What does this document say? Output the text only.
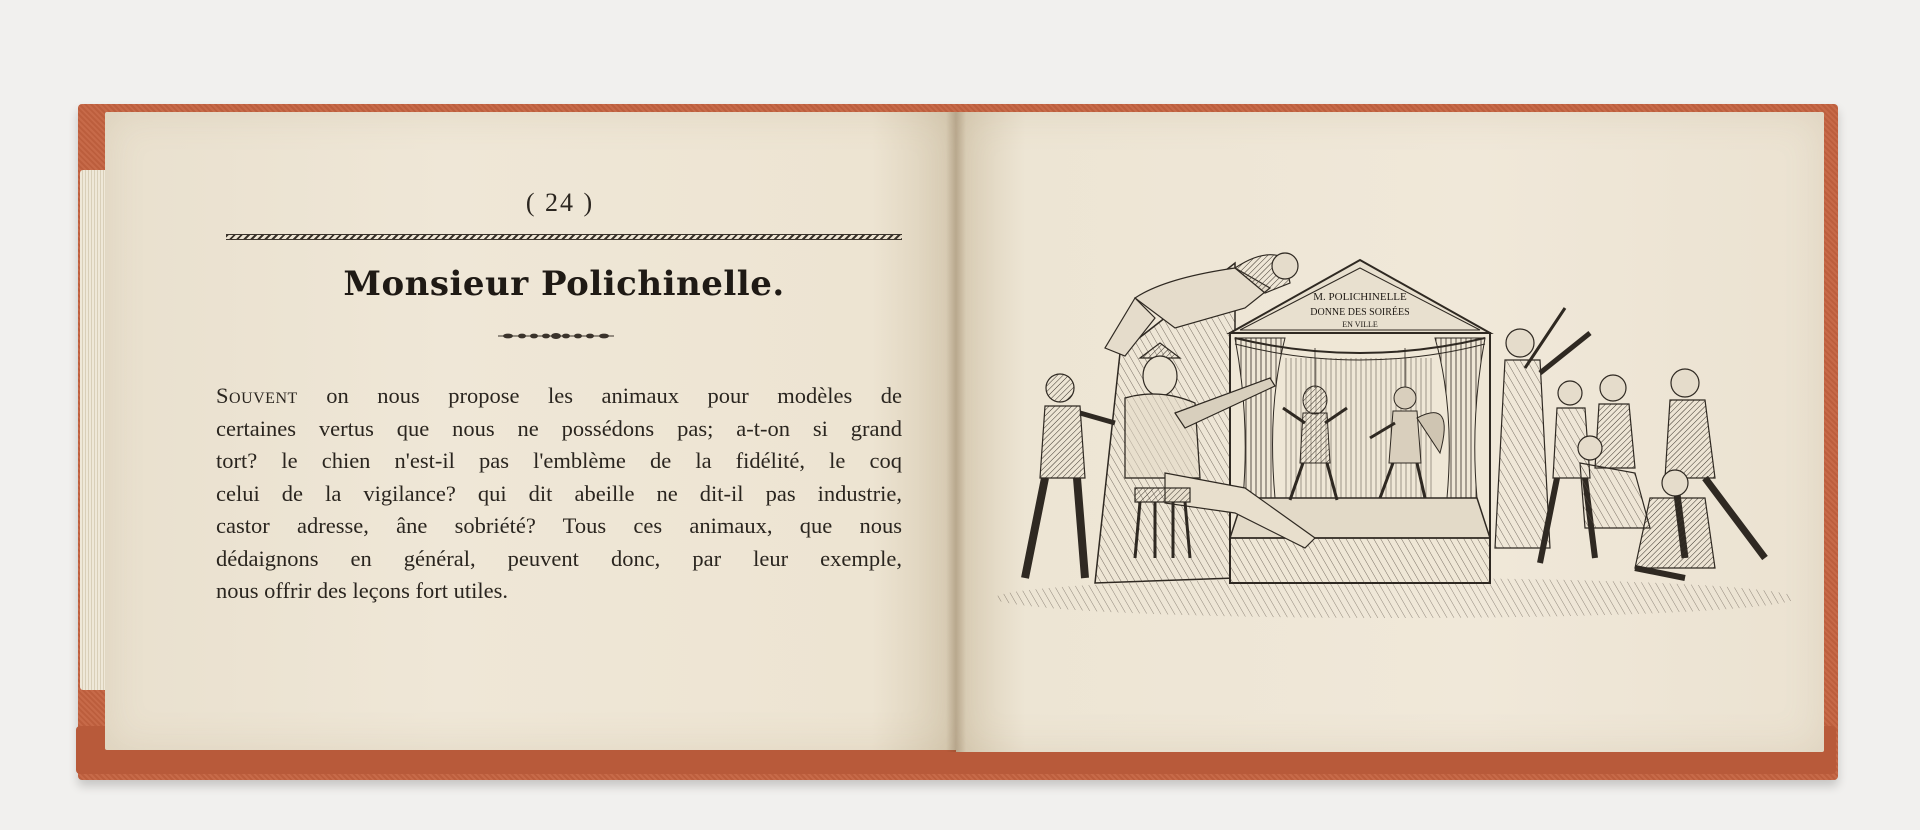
( 24 )
Monsieur Polichinelle.
Souvent on nous propose les animaux pour modèles de
certaines vertus que nous ne possédons pas; a-t-on si grand
tort? le chien n'est-il pas l'emblème de la fidélité, le coq
celui de la vigilance? qui dit abeille ne dit-il pas industrie,
castor adresse, âne sobriété? Tous ces animaux, que nous
dédaignons en général, peuvent donc, par leur exemple,
nous offrir des leçons fort utiles.
M. POLICHINELLE
DONNE DES SOIRÉES
EN VILLE
